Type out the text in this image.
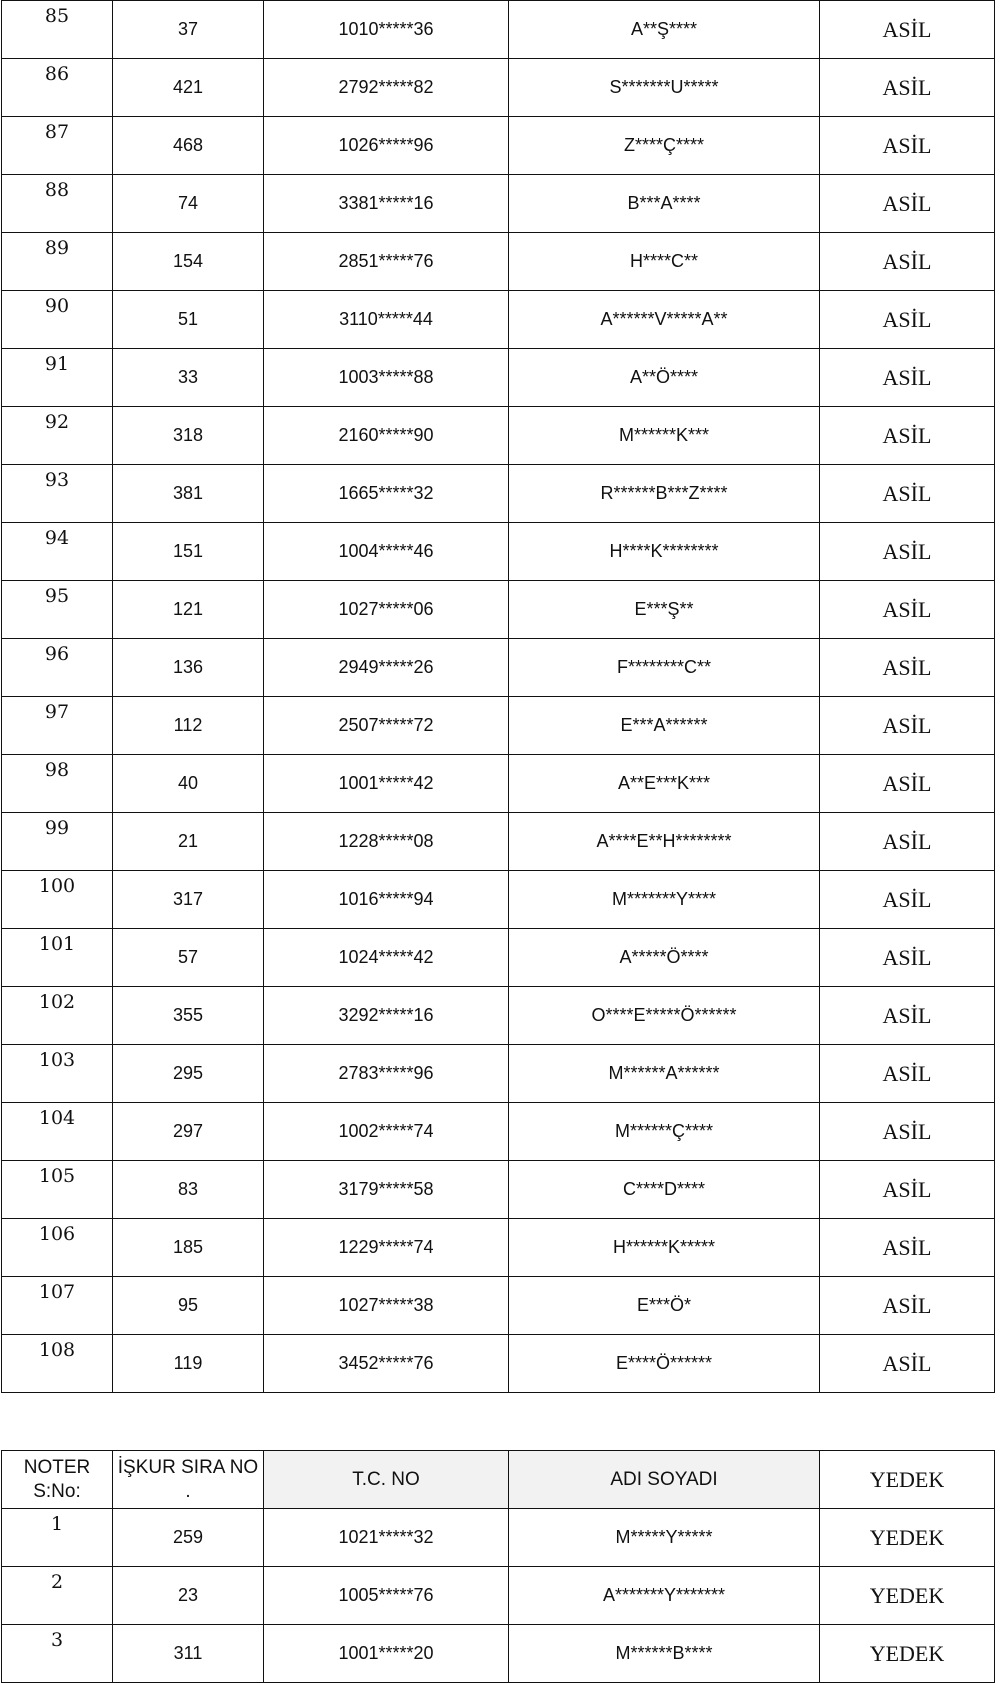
85	37	1010*****36	A**Ş****	ASİL
86	421	2792*****82	S*******U*****	ASİL
87	468	1026*****96	Z****Ç****	ASİL
88	74	3381*****16	B***A****	ASİL
89	154	2851*****76	H****C**	ASİL
90	51	3110*****44	A******V*****A**	ASİL
91	33	1003*****88	A**Ö****	ASİL
92	318	2160*****90	M******K***	ASİL
93	381	1665*****32	R******B***Z****	ASİL
94	151	1004*****46	H****K********	ASİL
95	121	1027*****06	E***Ş**	ASİL
96	136	2949*****26	F********C**	ASİL
97	112	2507*****72	E***A******	ASİL
98	40	1001*****42	A**E***K***	ASİL
99	21	1228*****08	A****E**H********	ASİL
100	317	1016*****94	M*******Y****	ASİL
101	57	1024*****42	A*****Ö****	ASİL
102	355	3292*****16	O****E*****Ö******	ASİL
103	295	2783*****96	M******A******	ASİL
104	297	1002*****74	M******Ç****	ASİL
105	83	3179*****58	C****D****	ASİL
106	185	1229*****74	H******K*****	ASİL
107	95	1027*****38	E***Ö*	ASİL
108	119	3452*****76	E****Ö******	ASİL
NOTER S:No:	İŞKUR SIRA NO .	T.C. NO	ADI SOYADI	YEDEK
1	259	1021*****32	M*****Y*****	YEDEK
2	23	1005*****76	A*******Y*******	YEDEK
3	311	1001*****20	M******B****	YEDEK
